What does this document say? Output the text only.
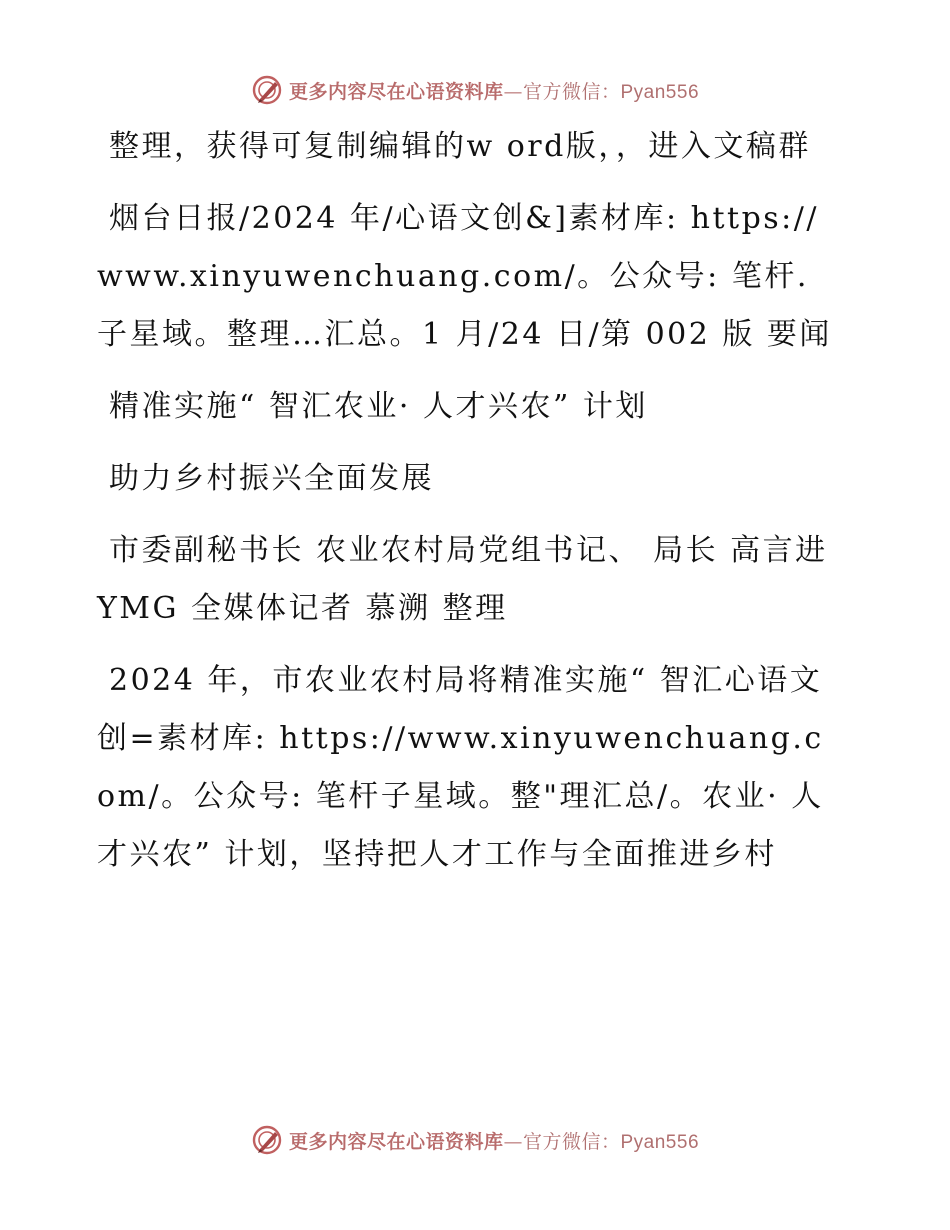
更多内容尽在心语资料库—官方微信：Pyan556

整理，获得可复制编辑的w ord版，，进入文稿群

烟台日报/2024 年/心语文创&]素材库: https://www.xinyuwenchuang.com/。公众号: 笔杆.子星域。整理…汇总。1 月/24 日/第 002 版 要闻

精准实施“ 智汇农业· 人才兴农” 计划

助力乡村振兴全面发展

市委副秘书长 农业农村局党组书记、 局长 高言进 YMG 全媒体记者 慕溯 整理

2024 年，市农业农村局将精准实施“ 智汇心语文创=素材库: https://www.xinyuwenchuang.com/。公众号: 笔杆子星域。整"理汇总/。农业· 人才兴农” 计划，坚持把人才工作与全面推进乡村

更多内容尽在心语资料库—官方微信：Pyan556
